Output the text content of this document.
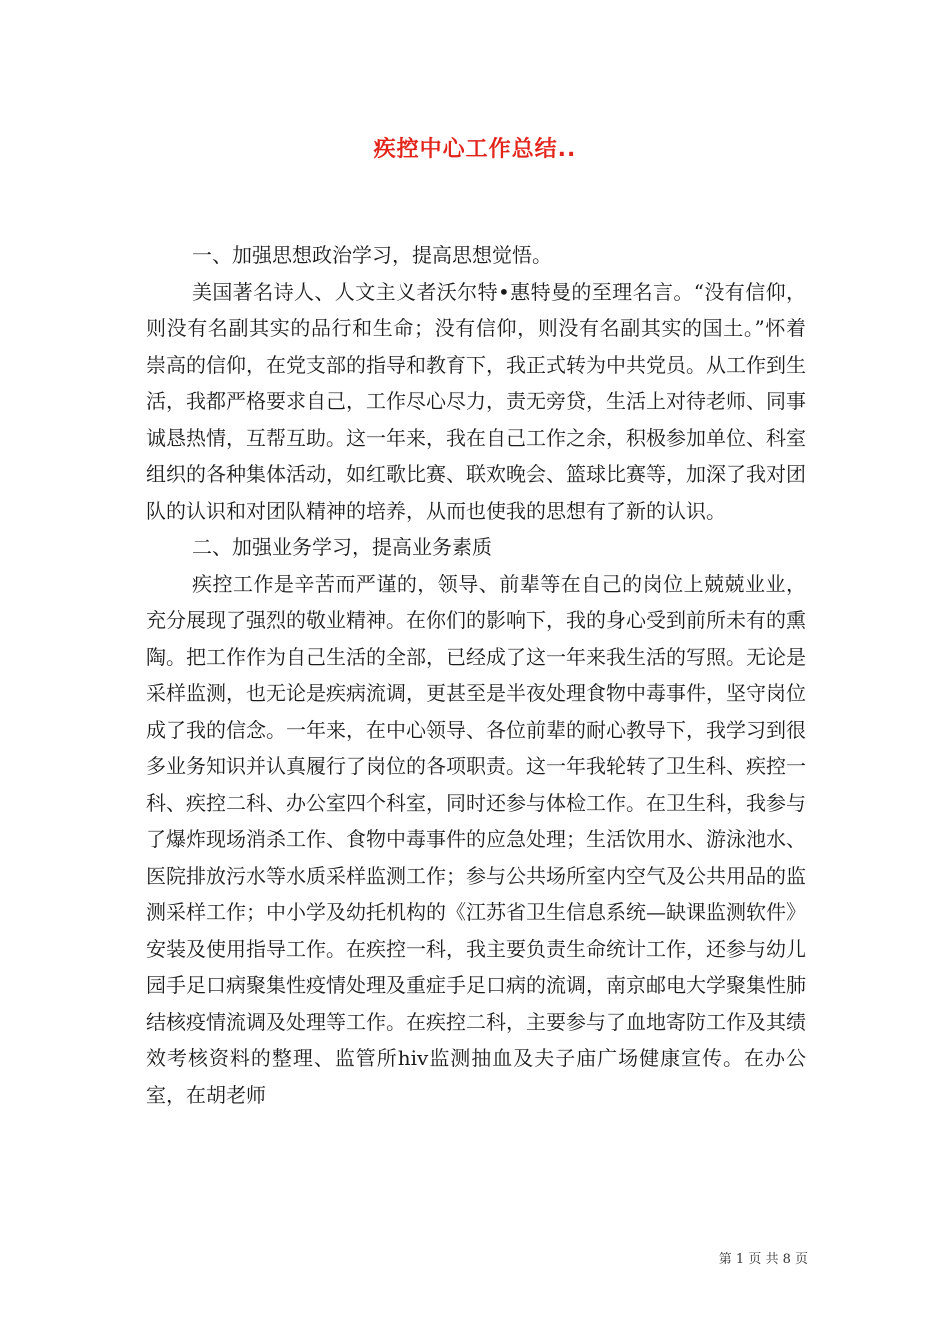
疾控中心工作总结..

一、加强思想政治学习，提高思想觉悟。

美国著名诗人、人文主义者沃尔特•惠特曼的至理名言。“没有信仰，则没有名副其实的品行和生命；没有信仰，则没有名副其实的国土。”怀着崇高的信仰，在党支部的指导和教育下，我正式转为中共党员。从工作到生活，我都严格要求自己，工作尽心尽力，责无旁贷，生活上对待老师、同事诚恳热情，互帮互助。这一年来，我在自己工作之余，积极参加单位、科室组织的各种集体活动，如红歌比赛、联欢晚会、篮球比赛等，加深了我对团队的认识和对团队精神的培养，从而也使我的思想有了新的认识。

二、加强业务学习，提高业务素质

疾控工作是辛苦而严谨的，领导、前辈等在自己的岗位上兢兢业业，充分展现了强烈的敬业精神。在你们的影响下，我的身心受到前所未有的熏陶。把工作作为自己生活的全部，已经成了这一年来我生活的写照。无论是采样监测，也无论是疾病流调，更甚至是半夜处理食物中毒事件，坚守岗位成了我的信念。一年来，在中心领导、各位前辈的耐心教导下，我学习到很多业务知识并认真履行了岗位的各项职责。这一年我轮转了卫生科、疾控一科、疾控二科、办公室四个科室，同时还参与体检工作。在卫生科，我参与了爆炸现场消杀工作、食物中毒事件的应急处理；生活饮用水、游泳池水、医院排放污水等水质采样监测工作；参与公共场所室内空气及公共用品的监测采样工作；中小学及幼托机构的《江苏省卫生信息系统—缺课监测软件》安装及使用指导工作。在疾控一科，我主要负责生命统计工作，还参与幼儿园手足口病聚集性疫情处理及重症手足口病的流调，南京邮电大学聚集性肺结核疫情流调及处理等工作。在疾控二科，主要参与了血地寄防工作及其绩效考核资料的整理、监管所hiv监测抽血及夫子庙广场健康宣传。在办公室，在胡老师

第 1 页 共 8 页
